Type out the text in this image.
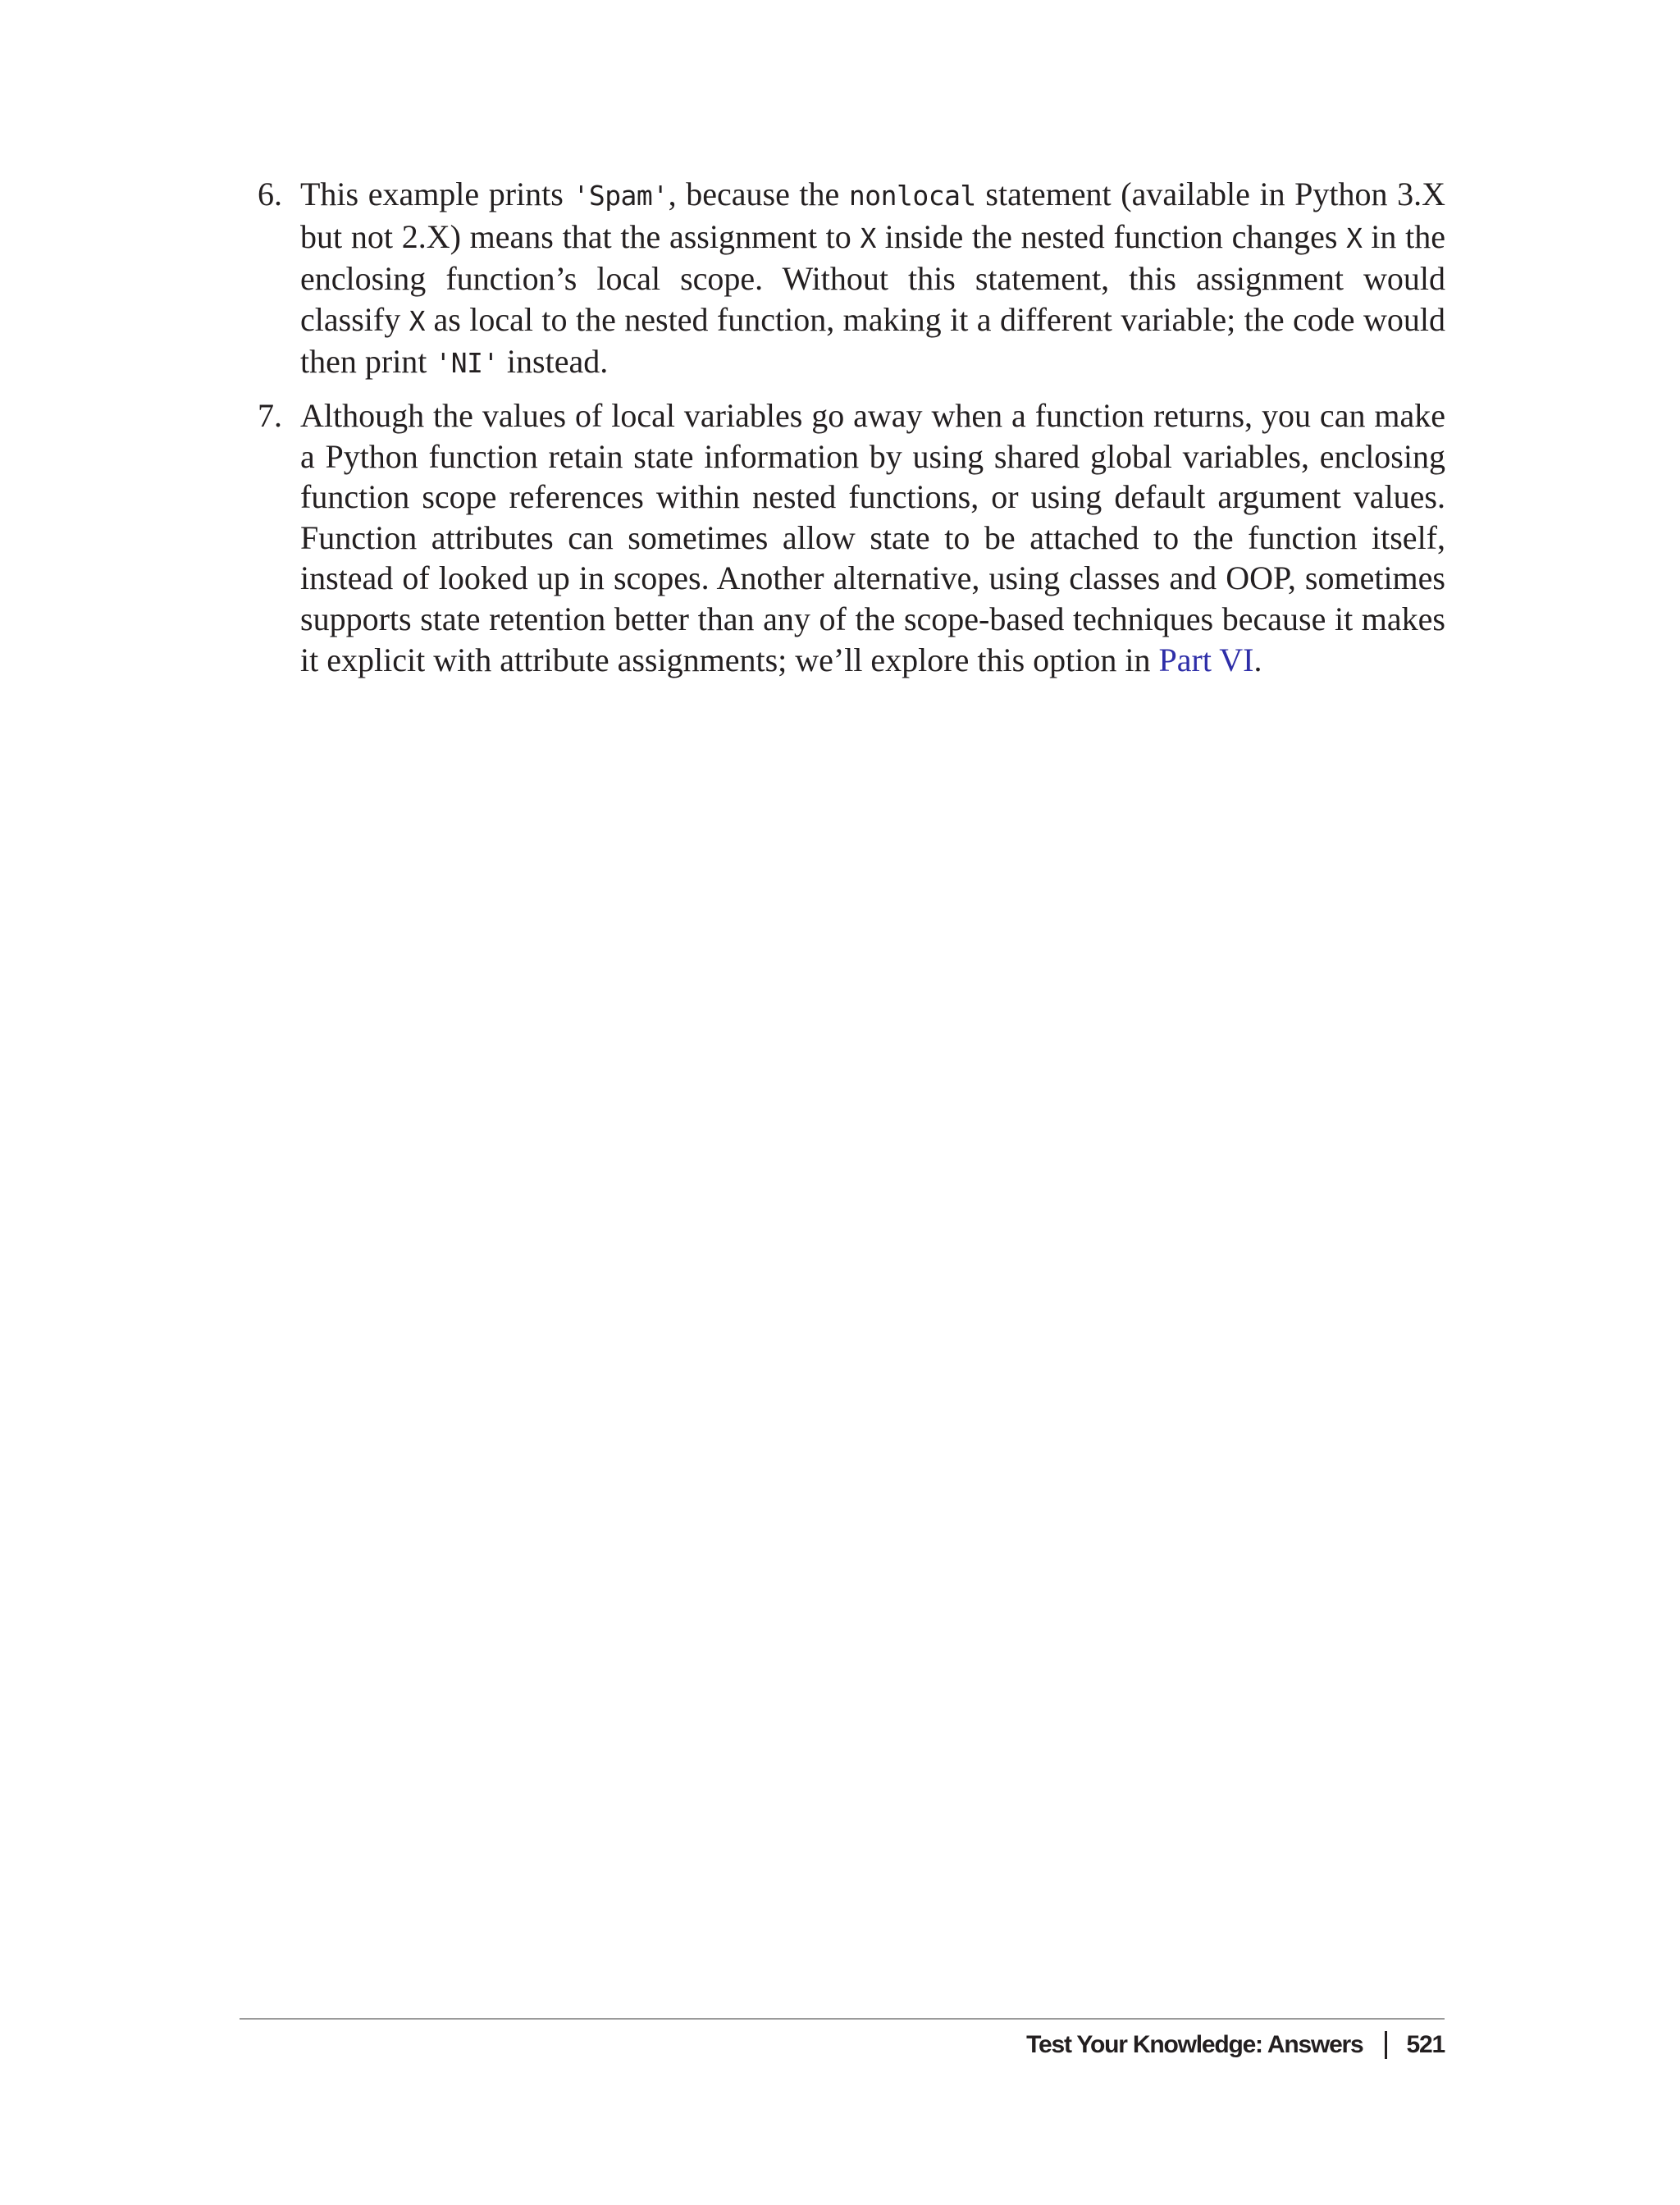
6. This example prints 'Spam', because the nonlocal statement (available in Python 3.X but not 2.X) means that the assignment to X inside the nested function changes X in the enclosing function’s local scope. Without this statement, this assignment would classify X as local to the nested function, making it a different variable; the code would then print 'NI' instead.
7. Although the values of local variables go away when a function returns, you can make a Python function retain state information by using shared global variables, enclosing function scope references within nested functions, or using default argument values. Function attributes can sometimes allow state to be attached to the function itself, instead of looked up in scopes. Another alternative, using classes and OOP, sometimes supports state retention better than any of the scope-based techniques because it makes it explicit with attribute assignments; we’ll explore this option in Part VI.
Test Your Knowledge: Answers 521
